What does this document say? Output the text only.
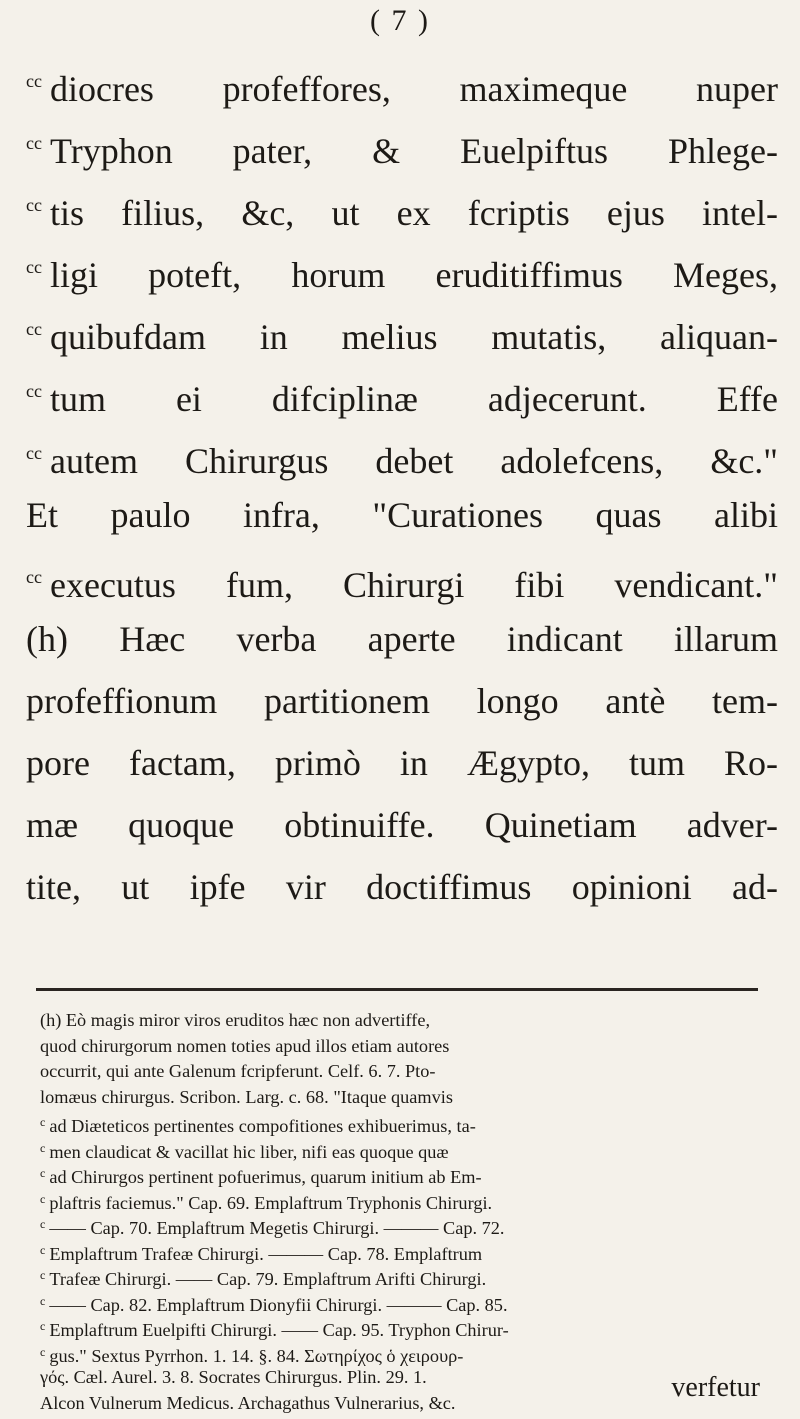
( 7 )
$^{cc}$ diocres profeffores, maximeque nuper
$^{cc}$ Tryphon pater, & Euelpiftus Phlege-
$^{cc}$ tis filius, &c, ut ex fcriptis ejus intel-
$^{cc}$ ligi poteft, horum eruditiffimus Meges,
$^{cc}$ quibufdam in melius mutatis, aliquan-
$^{cc}$ tum ei difciplinæ adjecerunt. Effe
$^{cc}$ autem Chirurgus debet adolefcens, &c."
Et paulo infra, "Curationes quas alibi
$^{cc}$ executus fum, Chirurgi fibi vendicant."
(h) Hæc verba aperte indicant illarum
profeffionum partitionem longo antè tem-
pore factam, primò in Ægypto, tum Ro-
mæ quoque obtinuiffe. Quinetiam adver-
tite, ut ipfe vir doctiffimus opinioni ad-
(h) Eò magis miror viros eruditos hæc non advertiffe,
quod chirurgorum nomen toties apud illos etiam autores
occurrit, qui ante Galenum fcripferunt. Celf. 6. 7. Pto-
lomæus chirurgus. Scribon. Larg. c. 68. "Itaque quamvis
$^c$ ad Diæteticos pertinentes compofitiones exhibuerimus, ta-
$^c$ men claudicat & vacillat hic liber, nifi eas quoque quæ
$^c$ ad Chirurgos pertinent pofuerimus, quarum initium ab Em-
$^c$ plaftris faciemus." Cap. 69. Emplaftrum Tryphonis Chirurgi.
$^c$ —— Cap. 70. Emplaftrum Megetis Chirurgi. ——— Cap. 72.
$^c$ Emplaftrum Trafeæ Chirurgi. ——— Cap. 78. Emplaftrum
$^c$ Trafeæ Chirurgi. —— Cap. 79. Emplaftrum Arifti Chirurgi.
$^c$ —— Cap. 82. Emplaftrum Dionyfii Chirurgi. ——— Cap. 85.
$^c$ Emplaftrum Euelpifti Chirurgi. —— Cap. 95. Tryphon Chirur-
$^c$ gus." Sextus Pyrrhon. 1. 14. §. 84. Σωτηρίχος ὁ χειρουρ-
γός. Cæl. Aurel. 3. 8. Socrates Chirurgus. Plin. 29. 1.
Alcon Vulnerum Medicus. Archagathus Vulnerarius, &c.	verfetur
